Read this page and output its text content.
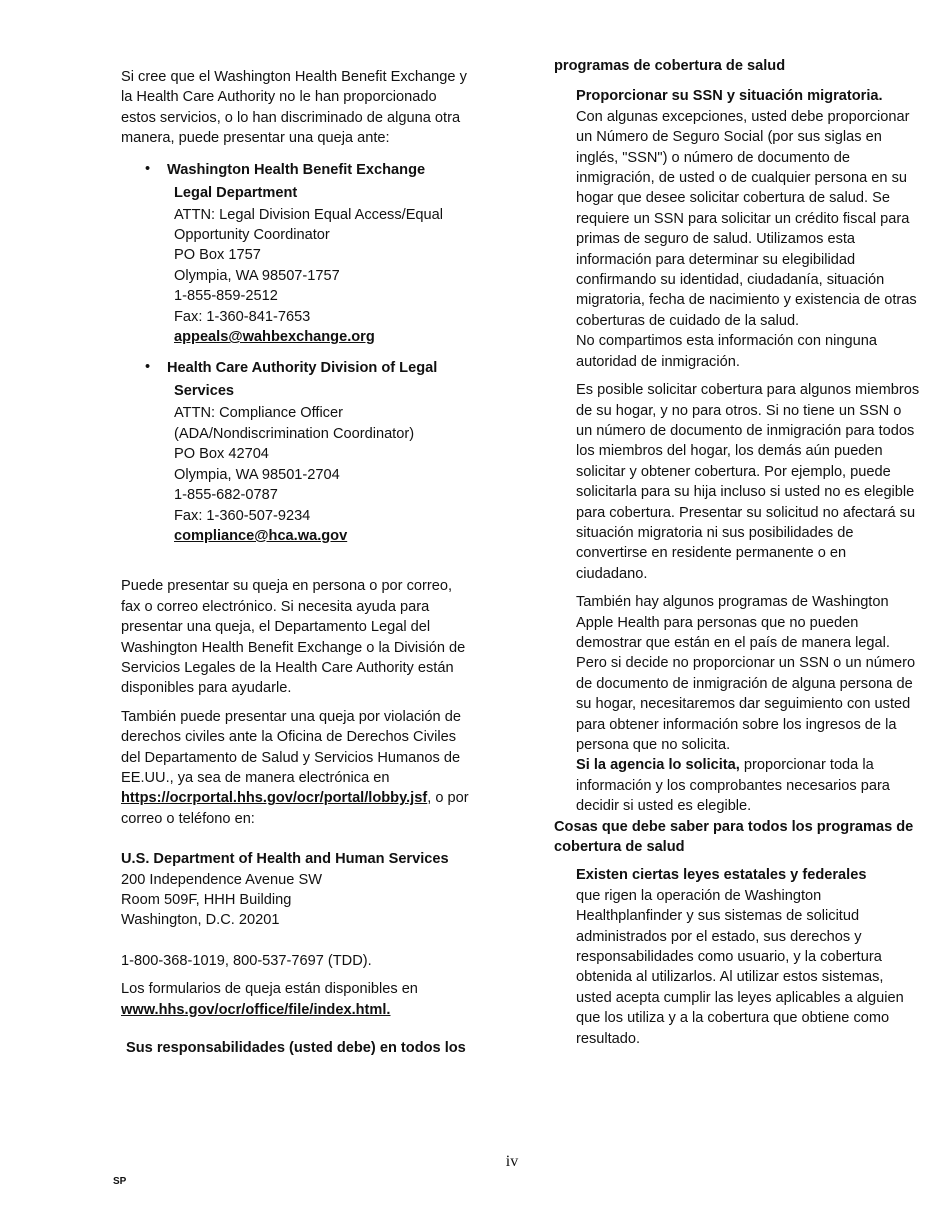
Si cree que el Washington Health Benefit Exchange y la Health Care Authority no le han proporcionado estos servicios, o lo han discriminado de alguna otra manera, puede presentar una queja ante:

• Washington Health Benefit Exchange
Legal Department
ATTN: Legal Division Equal Access/Equal Opportunity Coordinator
PO Box 1757
Olympia, WA 98507-1757
1-855-859-2512
Fax: 1-360-841-7653
appeals@wahbexchange.org
• Health Care Authority Division of Legal
Services
ATTN: Compliance Officer
(ADA/Nondiscrimination Coordinator)
PO Box 42704
Olympia, WA 98501-2704
1-855-682-0787
Fax: 1-360-507-9234
compliance@hca.wa.gov

Puede presentar su queja en persona o por correo, fax o correo electrónico. Si necesita ayuda para presentar una queja, el Departamento Legal del Washington Health Benefit Exchange o la División de Servicios Legales de la Health Care Authority están disponibles para ayudarle.

También puede presentar una queja por violación de derechos civiles ante la Oficina de Derechos Civiles del Departamento de Salud y Servicios Humanos de EE.UU., ya sea de manera electrónica en https://ocrportal.hhs.gov/ocr/portal/lobby.jsf, o por correo o teléfono en:

U.S. Department of Health and Human Services
200 Independence Avenue SW
Room 509F, HHH Building
Washington, D.C. 20201

1-800-368-1019, 800-537-7697 (TDD).

Los formularios de queja están disponibles en
www.hhs.gov/ocr/office/file/index.html.

Sus responsabilidades (usted debe) en todos los

programas de cobertura de salud

Proporcionar su SSN y situación migratoria.
Con algunas excepciones, usted debe proporcionar un Número de Seguro Social (por sus siglas en inglés, "SSN") o número de documento de inmigración, de usted o de cualquier persona en su hogar que desee solicitar cobertura de salud. Se requiere un SSN para solicitar un crédito fiscal para primas de seguro de salud. Utilizamos esta información para determinar su elegibilidad confirmando su identidad, ciudadanía, situación migratoria, fecha de nacimiento y existencia de otras coberturas de cuidado de la salud.
No compartimos esta información con ninguna autoridad de inmigración.

Es posible solicitar cobertura para algunos miembros de su hogar, y no para otros. Si no tiene un SSN o un número de documento de inmigración para todos los miembros del hogar, los demás aún pueden solicitar y obtener cobertura. Por ejemplo, puede solicitarla para su hija incluso si usted no es elegible para cobertura. Presentar su solicitud no afectará su situación migratoria ni sus posibilidades de convertirse en residente permanente o en ciudadano.

También hay algunos programas de Washington Apple Health para personas que no pueden demostrar que están en el país de manera legal. Pero si decide no proporcionar un SSN o un número de documento de inmigración de alguna persona de su hogar, necesitaremos dar seguimiento con usted para obtener información sobre los ingresos de la persona que no solicita.

Si la agencia lo solicita, proporcionar toda la información y los comprobantes necesarios para decidir si usted es elegible.

Cosas que debe saber para todos los programas de cobertura de salud

Existen ciertas leyes estatales y federales
que rigen la operación de Washington Healthplanfinder y sus sistemas de solicitud administrados por el estado, sus derechos y responsabilidades como usuario, y la cobertura obtenida al utilizarlos. Al utilizar estos sistemas, usted acepta cumplir las leyes aplicables a alguien que los utiliza y a la cobertura que obtiene como resultado.
iv
SP
